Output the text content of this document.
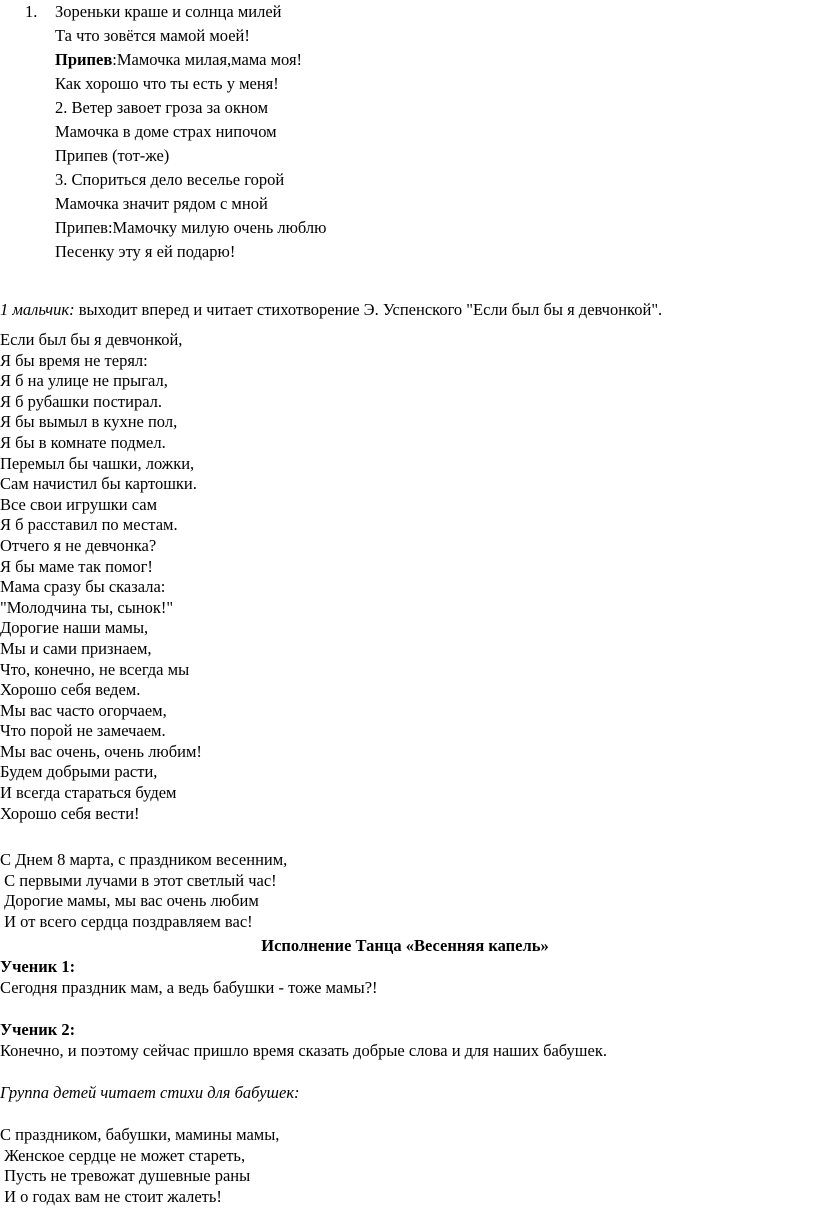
1.	Зореньки краше и солнца милей
Та что зовётся мамой моей!
Припев:Мамочка милая,мама моя!
Как хорошо что ты есть у меня!
2. Ветер завоет гроза за окном
Мамочка в доме страх нипочом
Припев (тот-же)
3. Спориться дело веселье горой
Мамочка значит рядом с мной
Припев:Мамочку милую очень люблю
Песенку эту я ей подарю!
1 мальчик: выходит вперед и читает стихотворение Э. Успенского "Если был бы я девчонкой".
Если был бы я девчонкой,
Я бы время не терял:
Я б на улице не прыгал,
Я б рубашки постирал.
Я бы вымыл в кухне пол,
Я бы в комнате подмел.
Перемыл бы чашки, ложки,
Сам начистил бы картошки.
Все свои игрушки сам
Я б расставил по местам.
Отчего я не девчонка?
Я бы маме так помог!
Мама сразу бы сказала:
"Молодчина ты, сынок!"
Дорогие наши мамы,
Мы и сами признаем,
Что, конечно, не всегда мы
Хорошо себя ведем.
Мы вас часто огорчаем,
Что порой не замечаем.
Мы вас очень, очень любим!
Будем добрыми расти,
И всегда стараться будем
Хорошо себя вести!
С Днем 8 марта, с праздником весенним,
С первыми лучами в этот светлый час!
Дорогие мамы, мы вас очень любим
И от всего сердца поздравляем вас!
Исполнение Танца «Весенняя капель»
Ученик 1:
Сегодня праздник мам, а ведь бабушки - тоже мамы?!
Ученик 2:
Конечно, и поэтому сейчас пришло время сказать добрые слова и для наших бабушек.
Группа детей читает стихи для бабушек:
С праздником, бабушки, мамины мамы,
Женское сердце не может стареть,
Пусть не тревожат душевные раны
И о годах вам не стоит жалеть!
